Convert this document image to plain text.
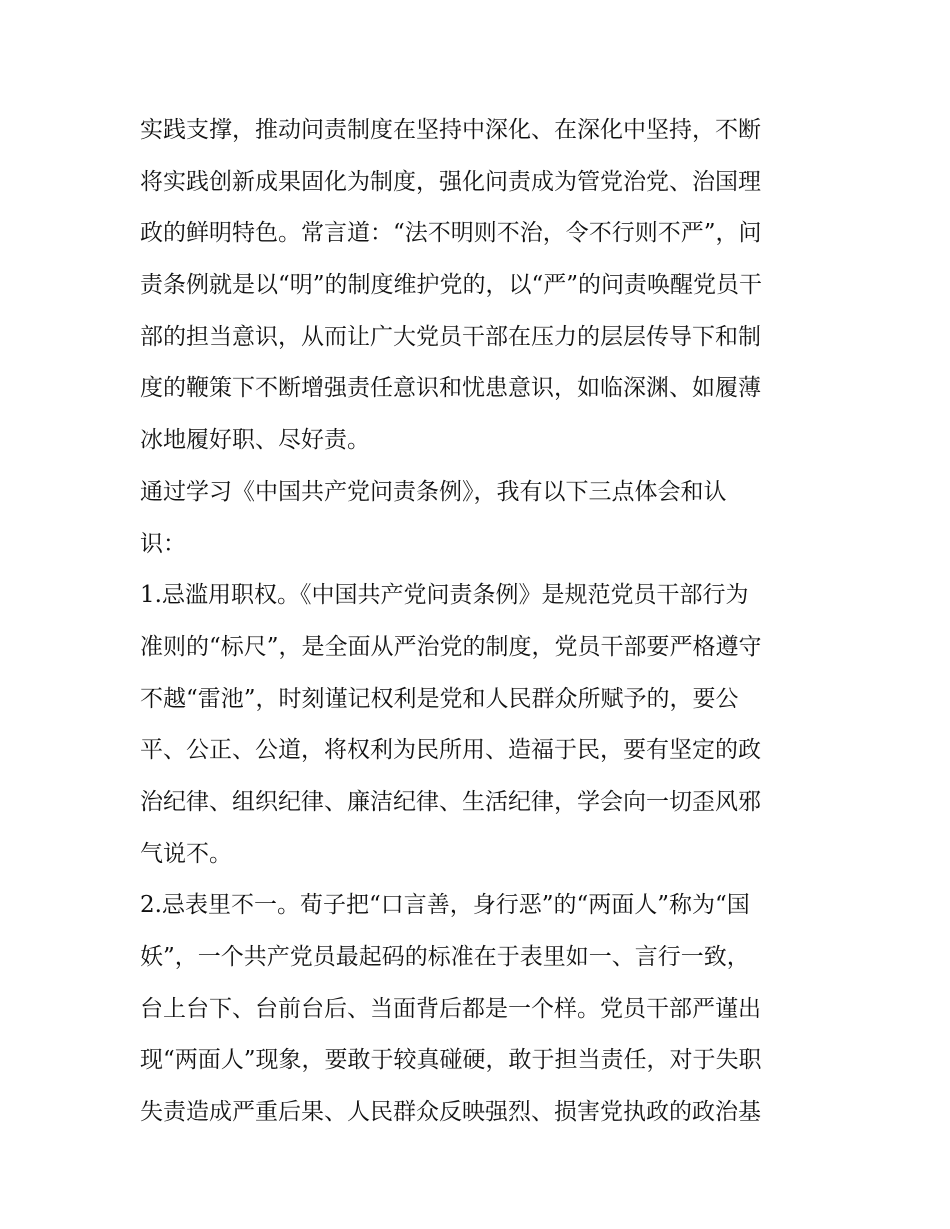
实践支撑，推动问责制度在坚持中深化、在深化中坚持，不断
将实践创新成果固化为制度，强化问责成为管党治党、治国理
政的鲜明特色。常言道：“法不明则不治，令不行则不严”，问
责条例就是以“明”的制度维护党的，以“严”的问责唤醒党员干
部的担当意识，从而让广大党员干部在压力的层层传导下和制
度的鞭策下不断增强责任意识和忧患意识，如临深渊、如履薄
冰地履好职、尽好责。
通过学习《中国共产党问责条例》，我有以下三点体会和认
识：
1.忌滥用职权。《中国共产党问责条例》是规范党员干部行为
准则的“标尺”，是全面从严治党的制度，党员干部要严格遵守
不越“雷池”，时刻谨记权利是党和人民群众所赋予的，要公
平、公正、公道，将权利为民所用、造福于民，要有坚定的政
治纪律、组织纪律、廉洁纪律、生活纪律，学会向一切歪风邪
气说不。
2.忌表里不一。荀子把“口言善，身行恶”的“两面人”称为“国
妖”，一个共产党员最起码的标准在于表里如一、言行一致，
台上台下、台前台后、当面背后都是一个样。党员干部严谨出
现“两面人”现象，要敢于较真碰硬，敢于担当责任，对于失职
失责造成严重后果、人民群众反映强烈、损害党执政的政治基
